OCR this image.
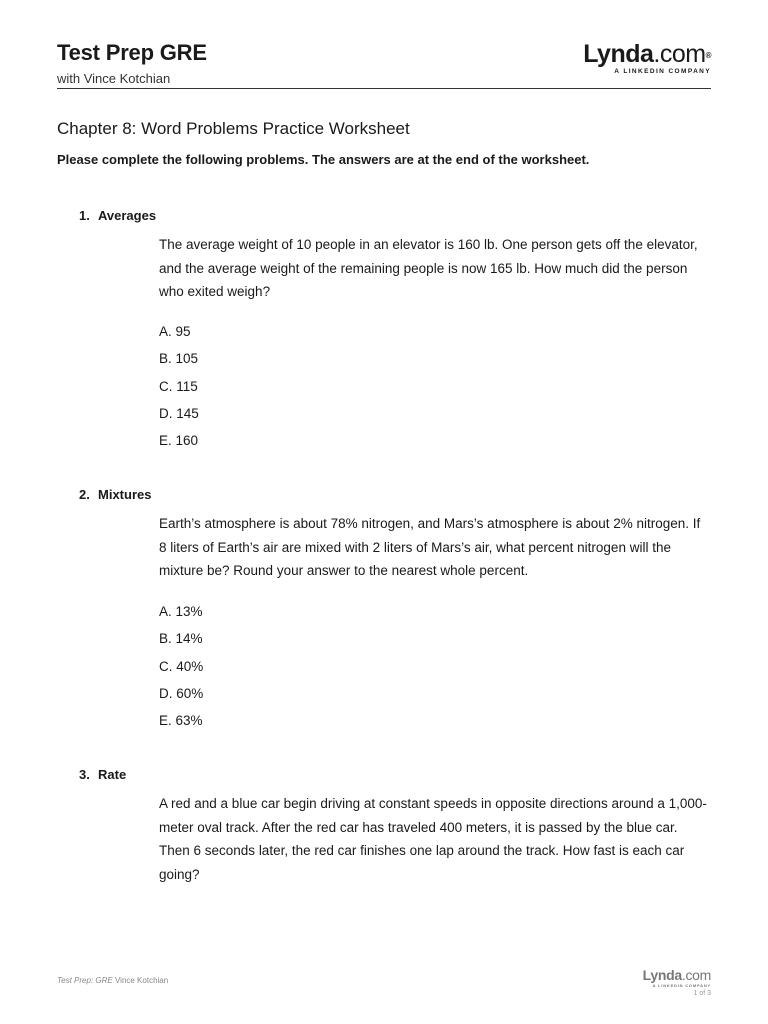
Test Prep GRE
with Vince Kotchian
Lynda.com®
A LINKEDIN COMPANY
Chapter 8: Word Problems Practice Worksheet
Please complete the following problems. The answers are at the end of the worksheet.
1. Averages
The average weight of 10 people in an elevator is 160 lb. One person gets off the elevator, and the average weight of the remaining people is now 165 lb. How much did the person who exited weigh?
A. 95
B. 105
C. 115
D. 145
E. 160
2. Mixtures
Earth’s atmosphere is about 78% nitrogen, and Mars’s atmosphere is about 2% nitrogen. If 8 liters of Earth’s air are mixed with 2 liters of Mars’s air, what percent nitrogen will the mixture be? Round your answer to the nearest whole percent.
A. 13%
B. 14%
C. 40%
D. 60%
E. 63%
3. Rate
A red and a blue car begin driving at constant speeds in opposite directions around a 1,000-meter oval track. After the red car has traveled 400 meters, it is passed by the blue car. Then 6 seconds later, the red car finishes one lap around the track. How fast is each car going?
Test Prep: GRE Vince Kotchian	Lynda.com
A LINKEDIN COMPANY
1 of 3
